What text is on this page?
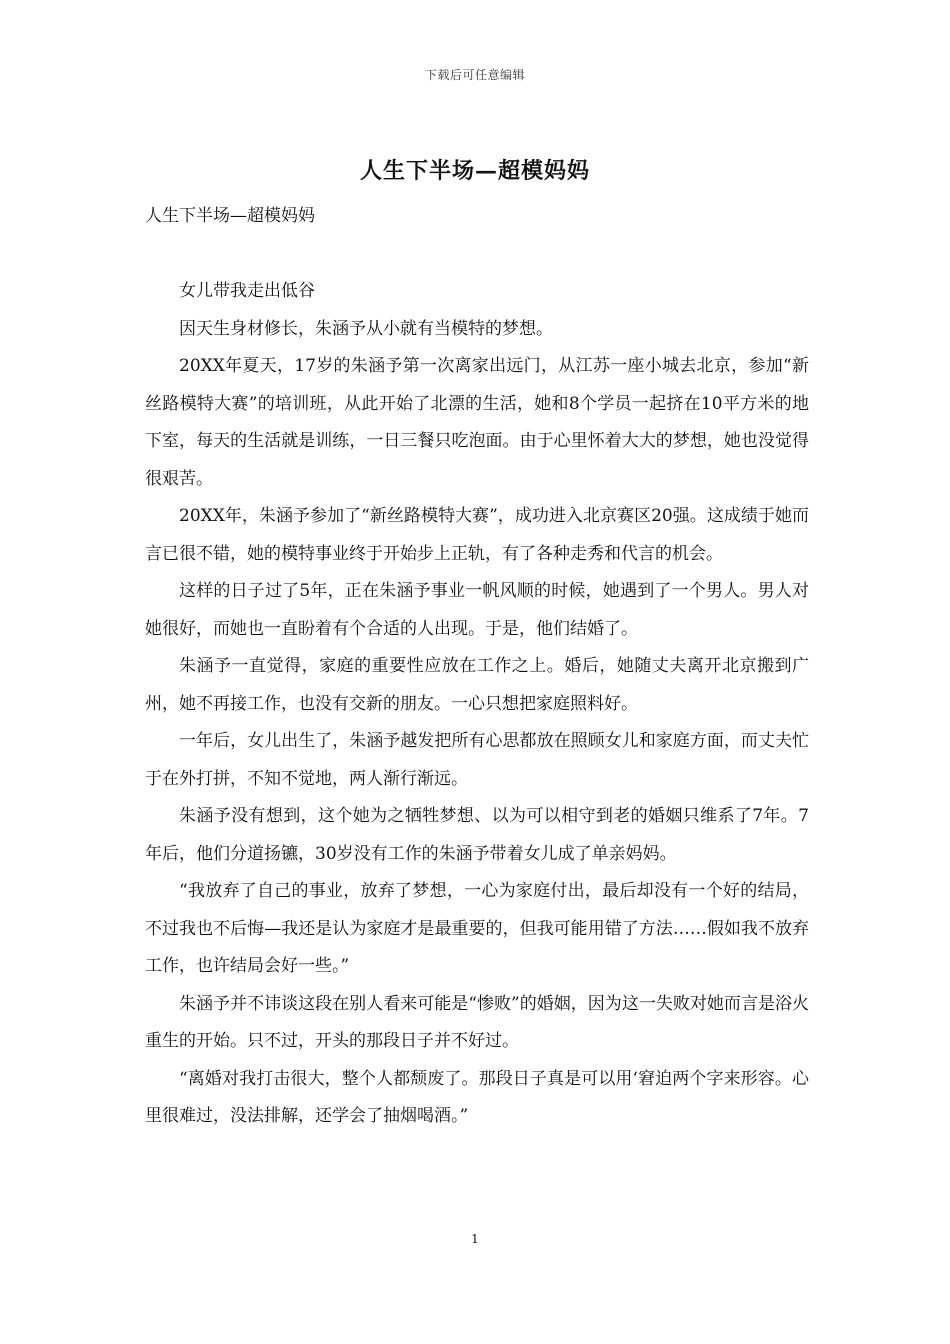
下载后可任意编辑
人生下半场—超模妈妈
人生下半场—超模妈妈

女儿带我走出低谷

因天生身材修长，朱涵予从小就有当模特的梦想。

20XX年夏天，17岁的朱涵予第一次离家出远门，从江苏一座小城去北京，参加“新丝路模特大赛”的培训班，从此开始了北漂的生活，她和8个学员一起挤在10平方米的地下室，每天的生活就是训练，一日三餐只吃泡面。由于心里怀着大大的梦想，她也没觉得很艰苦。

20XX年，朱涵予参加了“新丝路模特大赛”，成功进入北京赛区20强。这成绩于她而言已很不错，她的模特事业终于开始步上正轨，有了各种走秀和代言的机会。

这样的日子过了5年，正在朱涵予事业一帆风顺的时候，她遇到了一个男人。男人对她很好，而她也一直盼着有个合适的人出现。于是，他们结婚了。

朱涵予一直觉得，家庭的重要性应放在工作之上。婚后，她随丈夫离开北京搬到广州，她不再接工作，也没有交新的朋友。一心只想把家庭照料好。

一年后，女儿出生了，朱涵予越发把所有心思都放在照顾女儿和家庭方面，而丈夫忙于在外打拼，不知不觉地，两人渐行渐远。

朱涵予没有想到，这个她为之牺牲梦想、以为可以相守到老的婚姻只维系了7年。7年后，他们分道扬镳，30岁没有工作的朱涵予带着女儿成了单亲妈妈。

“我放弃了自己的事业，放弃了梦想，一心为家庭付出，最后却没有一个好的结局，不过我也不后悔—我还是认为家庭才是最重要的，但我可能用错了方法……假如我不放弃工作，也许结局会好一些。”

朱涵予并不讳谈这段在别人看来可能是“惨败”的婚姻，因为这一失败对她而言是浴火重生的开始。只不过，开头的那段日子并不好过。

“离婚对我打击很大，整个人都颓废了。那段日子真是可以用‘窘迫两个字来形容。心里很难过，没法排解，还学会了抽烟喝酒。”

1
